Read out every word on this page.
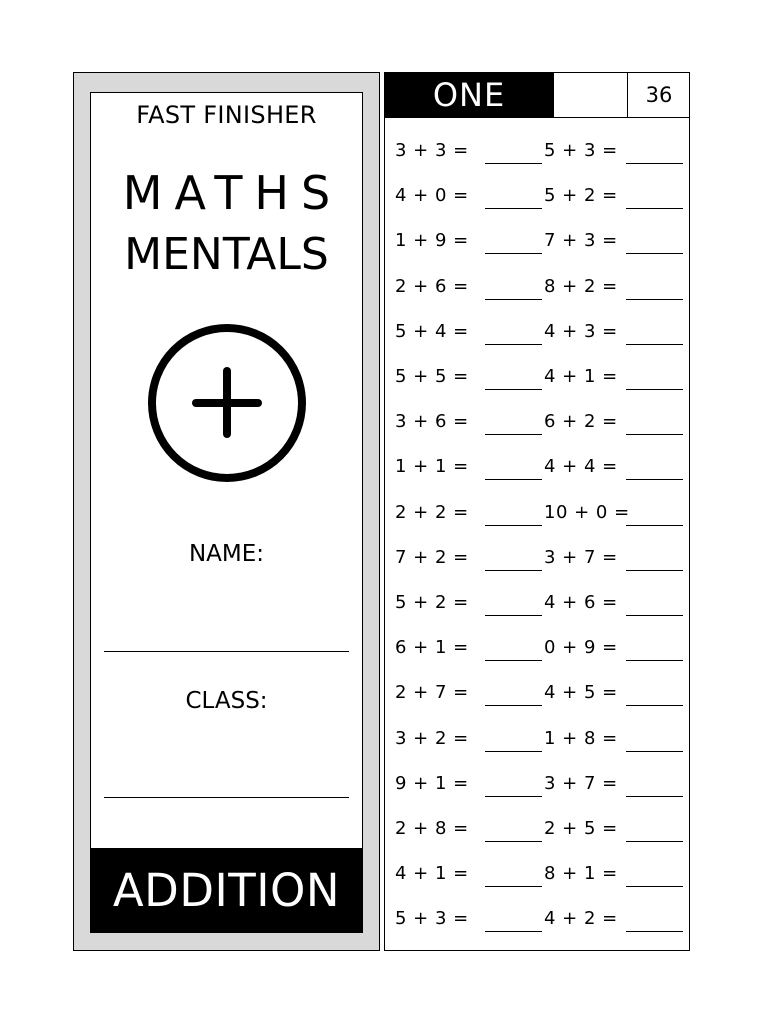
FAST FINISHER
MATHS
MENTALS
NAME:
CLASS:
ADDITION
ONE	36
3 + 3 =	5 + 3 =
4 + 0 =	5 + 2 =
1 + 9 =	7 + 3 =
2 + 6 =	8 + 2 =
5 + 4 =	4 + 3 =
5 + 5 =	4 + 1 =
3 + 6 =	6 + 2 =
1 + 1 =	4 + 4 =
2 + 2 =	10 + 0 =
7 + 2 =	3 + 7 =
5 + 2 =	4 + 6 =
6 + 1 =	0 + 9 =
2 + 7 =	4 + 5 =
3 + 2 =	1 + 8 =
9 + 1 =	3 + 7 =
2 + 8 =	2 + 5 =
4 + 1 =	8 + 1 =
5 + 3 =	4 + 2 =
